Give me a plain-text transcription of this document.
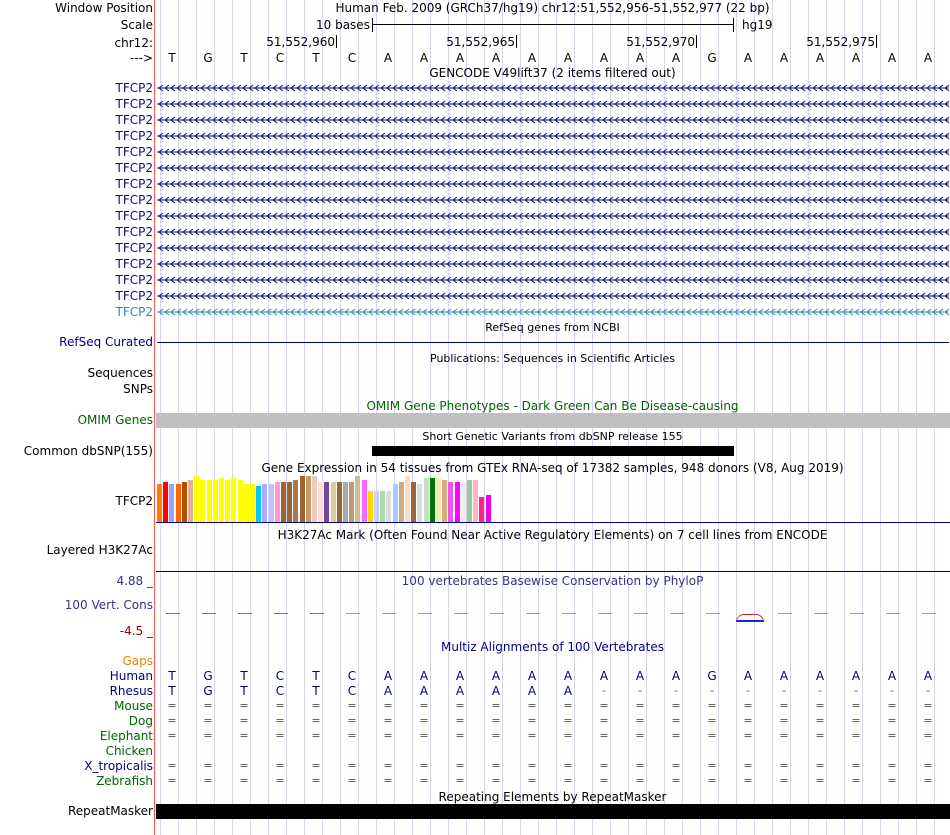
Window Position	Human Feb. 2009 (GRCh37/hg19) chr12:51,552,956-51,552,977 (22 bp)
Scale	10 bases	hg19
chr12:	51,552,960	51,552,965	51,552,970	51,552,975
--->	T	G	T	C	T	C	A	A	A	A	A	A	A	A	A	G	A	A	A	A	A	A
GENCODE V49lift37 (2 items filtered out)
TFCP2
TFCP2
TFCP2
TFCP2
TFCP2
TFCP2
TFCP2
TFCP2
TFCP2
TFCP2
TFCP2
TFCP2
TFCP2
TFCP2
TFCP2
RefSeq genes from NCBI
RefSeq Curated
Publications: Sequences in Scientific Articles
Sequences
SNPs
OMIM Gene Phenotypes - Dark Green Can Be Disease-causing
OMIM Genes
Short Genetic Variants from dbSNP release 155
Common dbSNP(155)
Gene Expression in 54 tissues from GTEx RNA-seq of 17382 samples, 948 donors (V8, Aug 2019)
TFCP2
H3K27Ac Mark (Often Found Near Active Regulatory Elements) on 7 cell lines from ENCODE
Layered H3K27Ac
100 vertebrates Basewise Conservation by PhyloP
4.88 _
100 Vert. Cons
-4.5 _
Multiz Alignments of 100 Vertebrates
Gaps
Human	T	G	T	C	T	C	A	A	A	A	A	A	A	A	A	G	A	A	A	A	A	A
Rhesus	T	G	T	C	T	C	A	A	A	A	A	A	-	-	-	-	-	-	-	-	-	-
Mouse	=	=	=	=	=	=	=	=	=	=	=	=	=	=	=	=	=	=	=	=	=	=
Dog	=	=	=	=	=	=	=	=	=	=	=	=	=	=	=	=	=	=	=	=	=	=
Elephant	=	=	=	=	=	=	=	=	=	=	=	=	=	=	=	=	=	=	=	=	=	=
Chicken
X_tropicalis	=	=	=	=	=	=	=	=	=	=	=	=	=	=	=	=	=	=	=	=	=	=
Zebrafish	=	=	=	=	=	=	=	=	=	=	=	=	=	=	=	=	=	=	=	=	=	=
Repeating Elements by RepeatMasker
RepeatMasker
